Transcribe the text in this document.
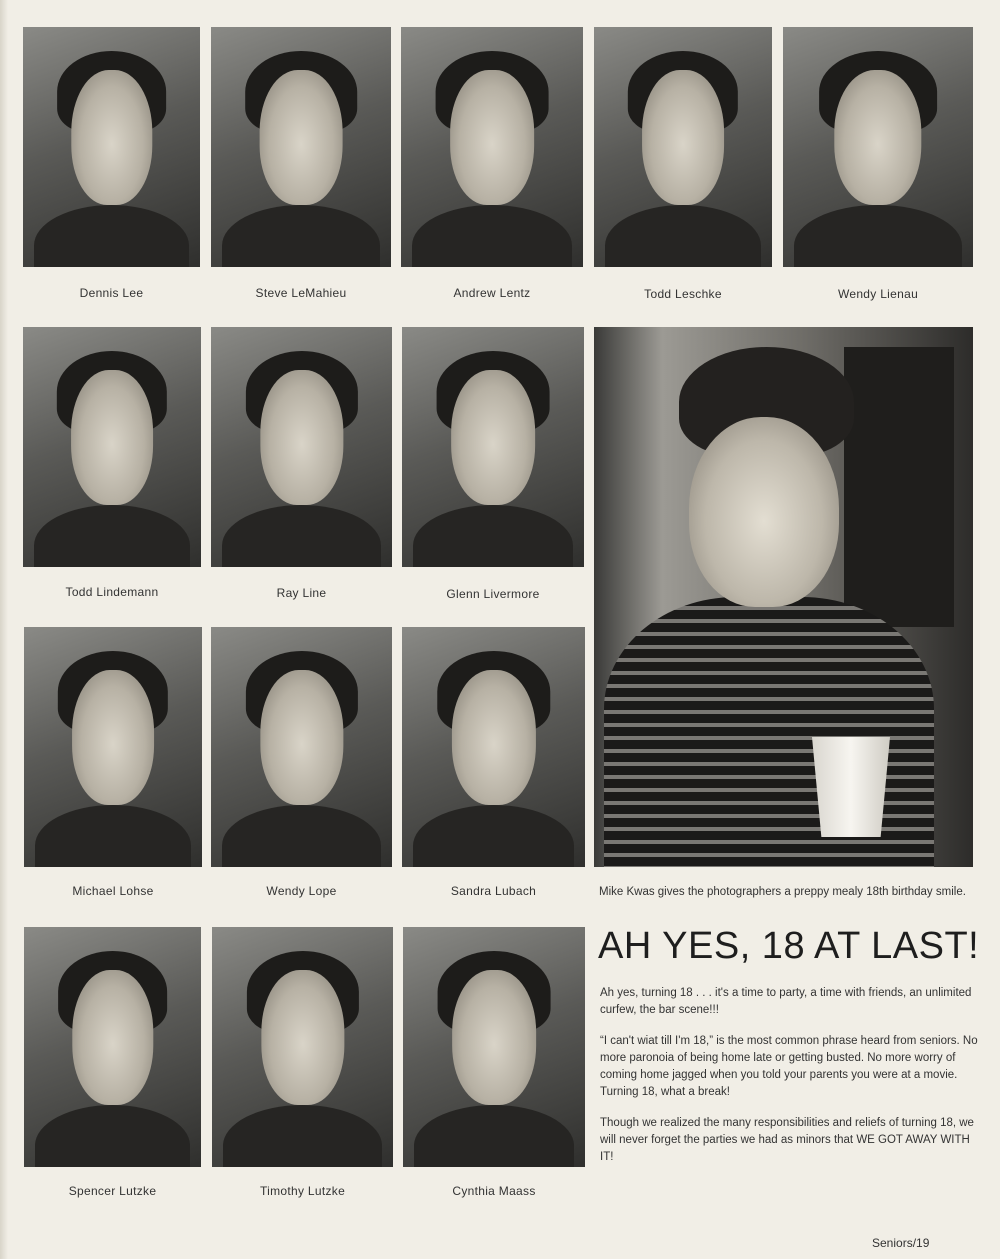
Dennis Lee	Steve LeMahieu	Andrew Lentz	Todd Leschke	Wendy Lienau
Todd Lindemann	Ray Line	Glenn Livermore
Michael Lohse	Wendy Lope	Sandra Lubach	Mike Kwas gives the photographers a preppy mealy 18th birthday smile.
Spencer Lutzke	Timothy Lutzke	Cynthia Maass
AH YES, 18 AT LAST!

Ah yes, turning 18 . . . it's a time to party, a time with friends, an unlimited curfew, the bar scene!!!

“I can't wiat till I'm 18,” is the most common phrase heard from seniors. No more paronoia of being home late or getting busted. No more worry of coming home jagged when you told your parents you were at a movie. Turning 18, what a break!

Though we realized the many responsibilities and reliefs of turning 18, we will never forget the parties we had as minors that WE GOT AWAY WITH IT!

Seniors/19
